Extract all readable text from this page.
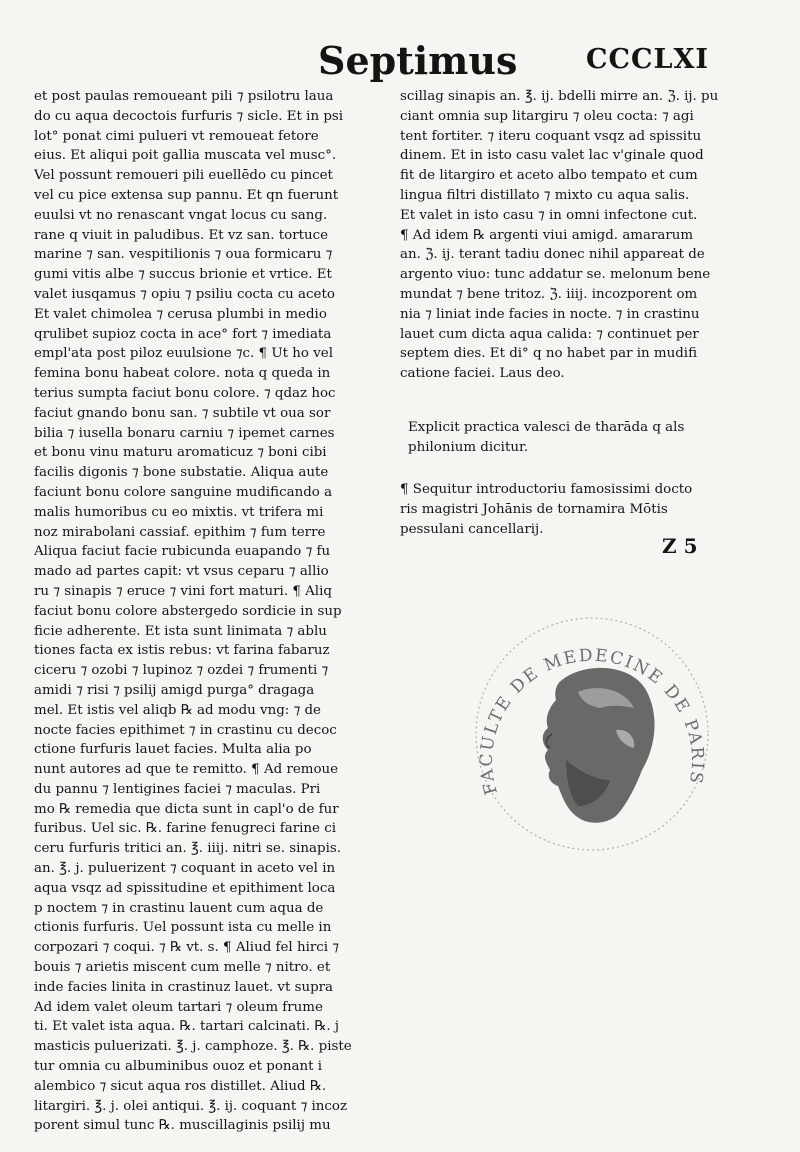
Septimus	CCCLXI
et post paulas remoueant pili ⁊ psilotru laua
do cu aqua decoctois furfuris ⁊ sicle. Et in psi
lot° ponat cimi pulueri vt remoueat fetore
eius. Et aliqui poit gallia muscata vel musc°.
Vel possunt remoueri pili euellēdo cu pincet
vel cu pice extensa sup pannu. Et qn fuerunt
euulsi vt no renascant vngat locus cu sang.
rane q viuit in paludibus. Et vz san. tortuce
marine ⁊ san. vespitilionis ⁊ oua formicaru ⁊
gumi vitis albe ⁊ succus brionie et vrtice. Et
valet iusqamus ⁊ opiu ⁊ psiliu cocta cu aceto
Et valet chimolea ⁊ cerusa plumbi in medio
qrulibet supioz cocta in ace° fort ⁊ imediata
empl'ata post piloz euulsione ⁊c. ¶ Ut ho vel
femina bonu habeat colore. nota q queda in
terius sumpta faciut bonu colore. ⁊ qdaz hoc
faciut gnando bonu san. ⁊ subtile vt oua sor
bilia ⁊ iusella bonaru carniu ⁊ ipemet carnes
et bonu vinu maturu aromaticuz ⁊ boni cibi
facilis digonis ⁊ bone substatie. Aliqua aute
faciunt bonu colore sanguine mudificando a
malis humoribus cu eo mixtis. vt trifera mi
noz mirabolani cassiaf. epithim ⁊ fum terre
Aliqua faciut facie rubicunda euapando ⁊ fu
mado ad partes capit: vt vsus ceparu ⁊ allio
ru ⁊ sinapis ⁊ eruce ⁊ vini fort maturi. ¶ Aliq
faciut bonu colore abstergedo sordicie in sup
ficie adherente. Et ista sunt linimata ⁊ ablu
tiones facta ex istis rebus: vt farina fabaruz
ciceru ⁊ ozobi ⁊ lupinoz ⁊ ozdei ⁊ frumenti ⁊
amidi ⁊ risi ⁊ psilij amigd purga° dragaga
mel. Et istis vel aliqb ℞ ad modu vng: ⁊ de
nocte facies epithimet ⁊ in crastinu cu decoc
ctione furfuris lauet facies. Multa alia po
nunt autores ad que te remitto. ¶ Ad remoue
du pannu ⁊ lentigines faciei ⁊ maculas. Pri
mo ℞ remedia que dicta sunt in capl'o de fur
furibus. Uel sic. ℞. farine fenugreci farine ci
ceru furfuris tritici an. ℥. iiij. nitri se. sinapis.
an. ℥. j. puluerizent ⁊ coquant in aceto vel in
aqua vsqz ad spissitudine et epithiment loca
p noctem ⁊ in crastinu lauent cum aqua de
ctionis furfuris. Uel possunt ista cu melle in
corpozari ⁊ coqui. ⁊ ℞ vt. s. ¶ Aliud fel hirci ⁊
bouis ⁊ arietis miscent cum melle ⁊ nitro. et
inde facies linita in crastinuz lauet. vt supra
Ad idem valet oleum tartari ⁊ oleum frume
ti. Et valet ista aqua. ℞. tartari calcinati. ℞. j
masticis puluerizati. ℥. j. camphoze. ℥. ℞. piste
tur omnia cu albuminibus ouoz et ponant i
alembico ⁊ sicut aqua ros distillet. Aliud ℞.
litargiri. ℥. j. olei antiqui. ℥. ij. coquant ⁊ incoz
porent simul tunc ℞. muscillaginis psilij mu
scillag sinapis an. ℥. ij. bdelli mirre an. ℨ. ij. pu
ciant omnia sup litargiru ⁊ oleu cocta: ⁊ agi
tent fortiter. ⁊ iteru coquant vsqz ad spissitu
dinem. Et in isto casu valet lac v'ginale quod
fit de litargiro et aceto albo tempato et cum
lingua filtri distillato ⁊ mixto cu aqua salis.
Et valet in isto casu ⁊ in omni infectone cut.
¶ Ad idem ℞ argenti viui amigd. amararum
an. ℨ. ij. terant tadiu donec nihil appareat de
argento viuo: tunc addatur se. melonum bene
mundat ⁊ bene tritoz. ℨ. iiij. incozporent om
nia ⁊ liniat inde facies in nocte. ⁊ in crastinu
lauet cum dicta aqua calida: ⁊ continuet per
septem dies. Et di° q no habet par in mudifi
catione faciei. Laus deo.
Explicit practica valesci de tharāda q als
philonium dicitur.
¶ Sequitur introductoriu famosissimi docto
ris magistri Johānis de tornamira Mōtis
pessulani cancellarij.
Z 5
FACULTE DE MEDECINE DE PARIS
